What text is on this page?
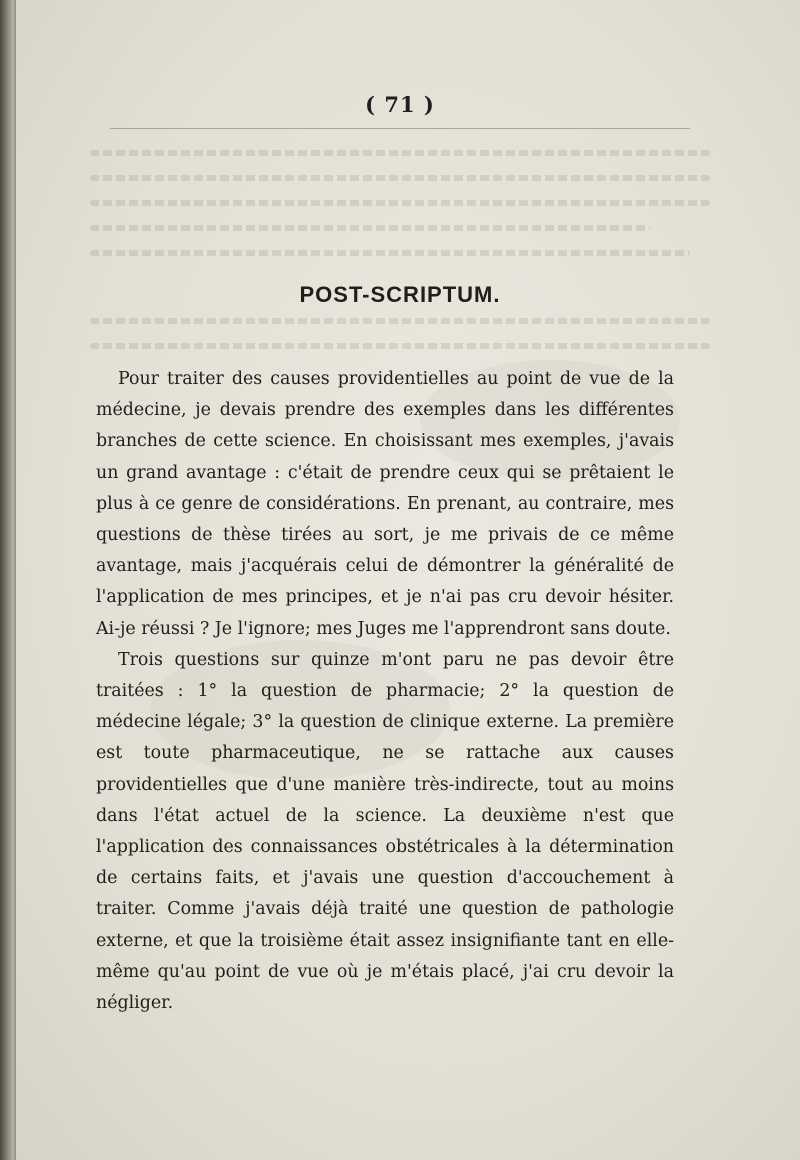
( 71 )
POST-SCRIPTUM.

Pour traiter des causes providentielles au point de vue de la médecine, je devais prendre des exemples dans les différentes branches de cette science. En choisissant mes exemples, j'avais un grand avantage : c'était de prendre ceux qui se prêtaient le plus à ce genre de considérations. En prenant, au contraire, mes questions de thèse tirées au sort, je me privais de ce même avantage, mais j'acquérais celui de démontrer la généralité de l'application de mes principes, et je n'ai pas cru devoir hésiter. Ai-je réussi ? Je l'ignore; mes Juges me l'apprendront sans doute.

Trois questions sur quinze m'ont paru ne pas devoir être traitées : 1° la question de pharmacie; 2° la question de médecine légale; 3° la question de clinique externe. La première est toute pharmaceutique, ne se rattache aux causes providentielles que d'une manière très-indirecte, tout au moins dans l'état actuel de la science. La deuxième n'est que l'application des connaissances obstétricales à la détermination de certains faits, et j'avais une question d'accouchement à traiter. Comme j'avais déjà traité une question de pathologie externe, et que la troisième était assez insignifiante tant en elle-même qu'au point de vue où je m'étais placé, j'ai cru devoir la négliger.
